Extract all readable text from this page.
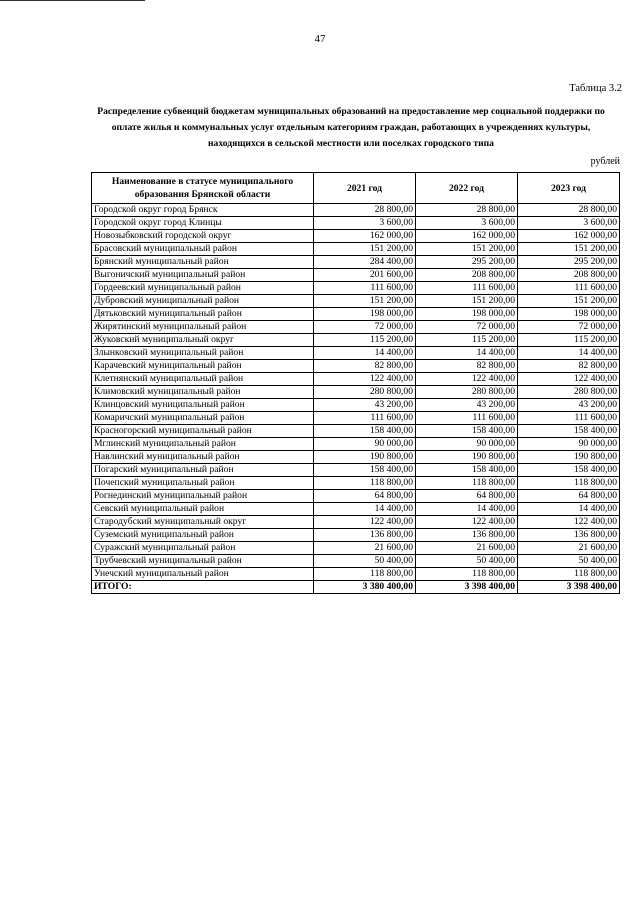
47
Таблица 3.2
Распределение субвенций бюджетам муниципальных образований на предоставление мер социальной поддержки по оплате жилья и коммунальных услуг отдельным категориям граждан, работающих в учреждениях культуры, находящихся в сельской местности или поселках городского типа
рублей
Наименование в статусе муниципального образования Брянской области	2021 год	2022 год	2023 год
Городской округ город Брянск	28 800,00	28 800,00	28 800,00
Городской округ город Клинцы	3 600,00	3 600,00	3 600,00
Новозыбковский городской округ	162 000,00	162 000,00	162 000,00
Брасовский муниципальный район	151 200,00	151 200,00	151 200,00
Брянский муниципальный район	284 400,00	295 200,00	295 200,00
Выгоничский муниципальный район	201 600,00	208 800,00	208 800,00
Гордеевский муниципальный район	111 600,00	111 600,00	111 600,00
Дубровский муниципальный район	151 200,00	151 200,00	151 200,00
Дятьковский муниципальный район	198 000,00	198 000,00	198 000,00
Жирятинский муниципальный район	72 000,00	72 000,00	72 000,00
Жуковский муниципальный округ	115 200,00	115 200,00	115 200,00
Злынковский муниципальный район	14 400,00	14 400,00	14 400,00
Карачевский муниципальный район	82 800,00	82 800,00	82 800,00
Клетнянский муниципальный район	122 400,00	122 400,00	122 400,00
Климовский муниципальный район	280 800,00	280 800,00	280 800,00
Клинцовский муниципальный район	43 200,00	43 200,00	43 200,00
Комаричский муниципальный район	111 600,00	111 600,00	111 600,00
Красногорский муниципальный район	158 400,00	158 400,00	158 400,00
Мглинский муниципальный район	90 000,00	90 000,00	90 000,00
Навлинский муниципальный район	190 800,00	190 800,00	190 800,00
Погарский муниципальный район	158 400,00	158 400,00	158 400,00
Почепский муниципальный район	118 800,00	118 800,00	118 800,00
Рогнединский муниципальный район	64 800,00	64 800,00	64 800,00
Севский муниципальный район	14 400,00	14 400,00	14 400,00
Стародубский муниципальный округ	122 400,00	122 400,00	122 400,00
Суземский муниципальный район	136 800,00	136 800,00	136 800,00
Суражский муниципальный район	21 600,00	21 600,00	21 600,00
Трубчевский муниципальный район	50 400,00	50 400,00	50 400,00
Унечский муниципальный район	118 800,00	118 800,00	118 800,00
ИТОГО:	3 380 400,00	3 398 400,00	3 398 400,00
